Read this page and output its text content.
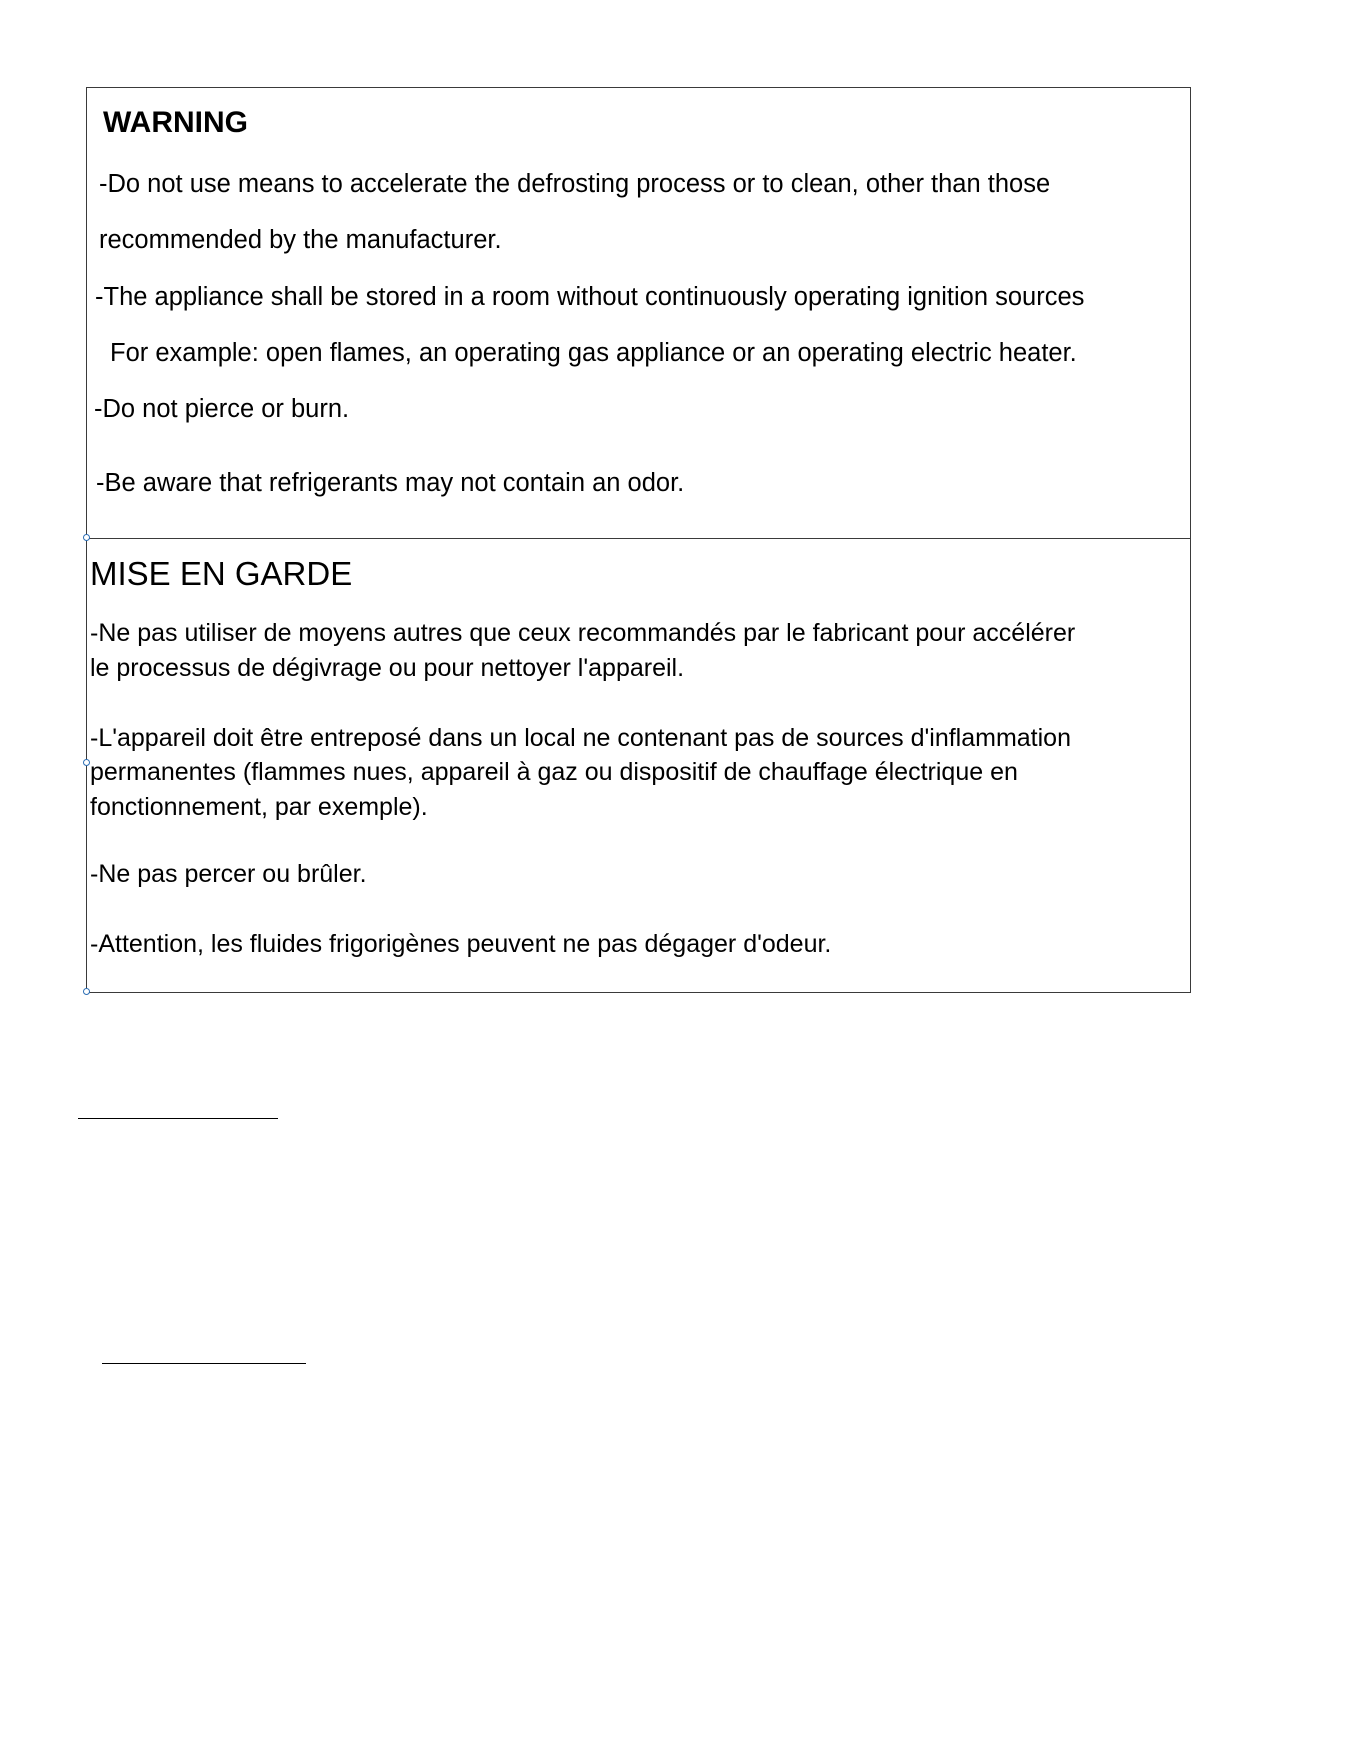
WARNING
-Do not use means to accelerate the defrosting process or to clean, other than those
recommended by the manufacturer.
-The appliance shall be stored in a room without continuously operating ignition sources
For example: open flames, an operating gas appliance or an operating electric heater.
-Do not pierce or burn.
-Be aware that refrigerants may not contain an odor.
MISE EN GARDE
-Ne pas utiliser de moyens autres que ceux recommandés par le fabricant pour accélérer
le processus de dégivrage ou pour nettoyer l'appareil.
-L'appareil doit être entreposé dans un local ne contenant pas de sources d'inflammation
permanentes (flammes nues, appareil à gaz ou dispositif de chauffage électrique en
fonctionnement, par exemple).
-Ne pas percer ou brûler.
-Attention, les fluides frigorigènes peuvent ne pas dégager d'odeur.
